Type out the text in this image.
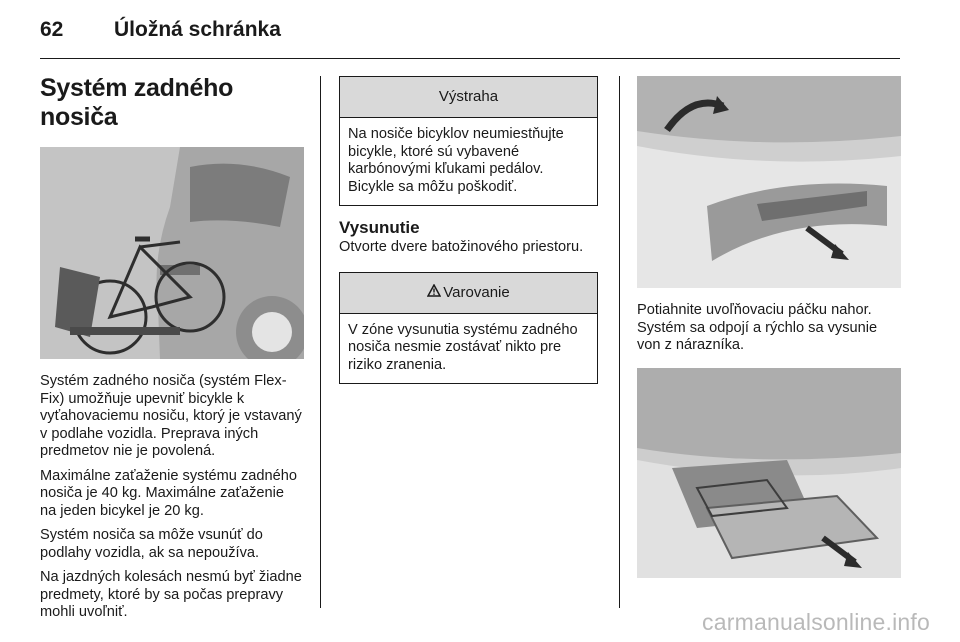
62 Úložná schránka
Systém zadného nosiča

Systém zadného nosiča (systém Flex-Fix) umožňuje upevniť bicykle k vyťahovaciemu nosiču, ktorý je vstavaný v podlahe vozidla. Preprava iných predmetov nie je povolená.

Maximálne zaťaženie systému zadného nosiča je 40 kg. Maximálne zaťaženie na jeden bicykel je 20 kg.

Systém nosiča sa môže vsunúť do podlahy vozidla, ak sa nepoužíva.

Na jazdných kolesách nesmú byť žiadne predmety, ktoré by sa počas prepravy mohli uvoľniť.

Výstraha
Na nosiče bicyklov neumiestňujte bicykle, ktoré sú vybavené karbónovými kľukami pedálov. Bicykle sa môžu poškodiť.
Vysunutie
Otvorte dvere batožinového priestoru.
Varovanie
V zóne vysunutia systému zadného nosiča nesmie zostávať nikto pre riziko zranenia.

Potiahnite uvoľňovaciu páčku nahor. Systém sa odpojí a rýchlo sa vysunie von z nárazníka.

carmanualsonline.info
